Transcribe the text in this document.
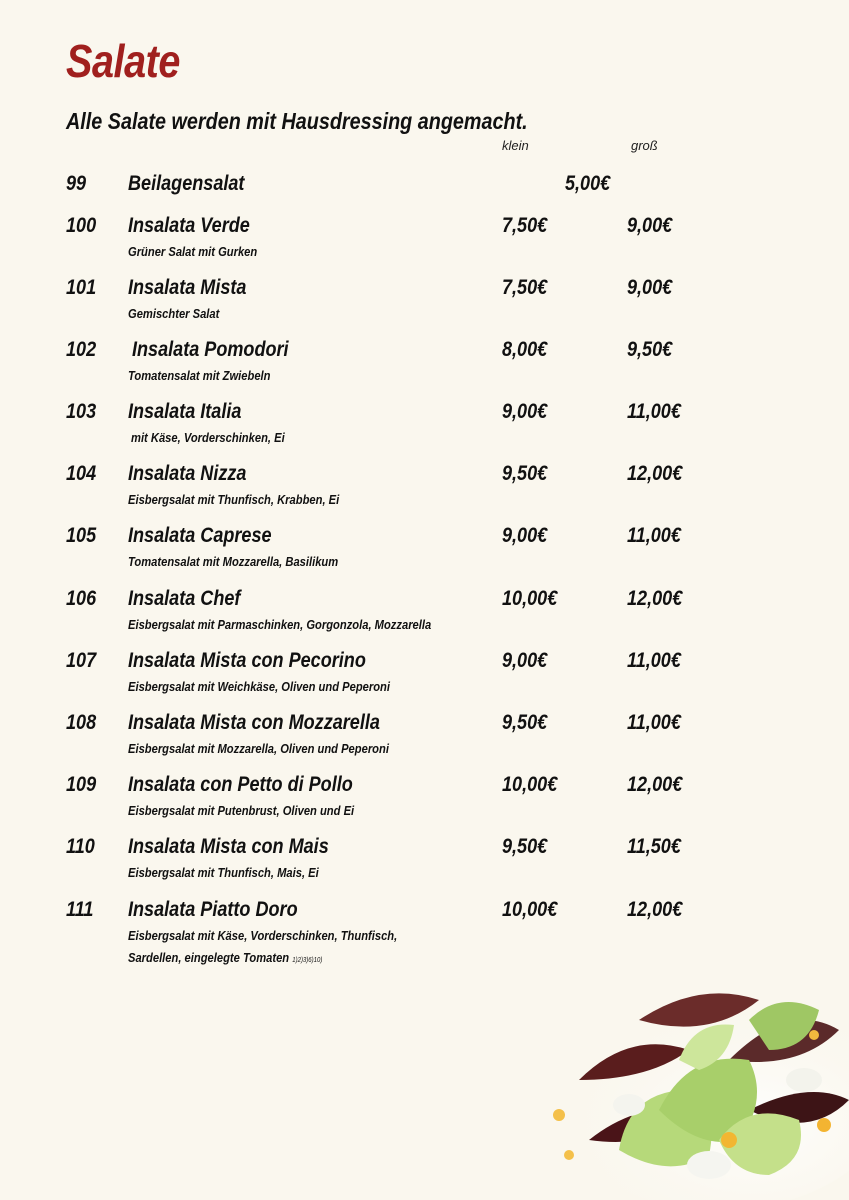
Salate
Alle Salate werden mit Hausdressing angemacht.
klein	groß
99 Beilagensalat	5,00€
100 Insalata Verde	7,50€	9,00€
Grüner Salat mit Gurken
101 Insalata Mista	7,50€	9,00€
Gemischter Salat
102 Insalata Pomodori	8,00€	9,50€
Tomatensalat mit Zwiebeln
103 Insalata Italia	9,00€	11,00€
mit Käse, Vorderschinken, Ei
104 Insalata Nizza	9,50€	12,00€
Eisbergsalat mit Thunfisch, Krabben, Ei
105 Insalata Caprese	9,00€	11,00€
Tomatensalat mit Mozzarella, Basilikum
106 Insalata Chef	10,00€	12,00€
Eisbergsalat mit Parmaschinken, Gorgonzola, Mozzarella
107 Insalata Mista con Pecorino	9,00€	11,00€
Eisbergsalat mit Weichkäse, Oliven und Peperoni
108 Insalata Mista con Mozzarella	9,50€	11,00€
Eisbergsalat mit Mozzarella, Oliven und Peperoni
109 Insalata con Petto di Pollo	10,00€	12,00€
Eisbergsalat mit Putenbrust, Oliven und Ei
110 Insalata Mista con Mais	9,50€	11,50€
Eisbergsalat mit Thunfisch, Mais, Ei
111 Insalata Piatto Doro	10,00€	12,00€
Eisbergsalat mit Käse, Vorderschinken, Thunfisch,
Sardellen, eingelegte Tomaten 1)2)3)6)10)
